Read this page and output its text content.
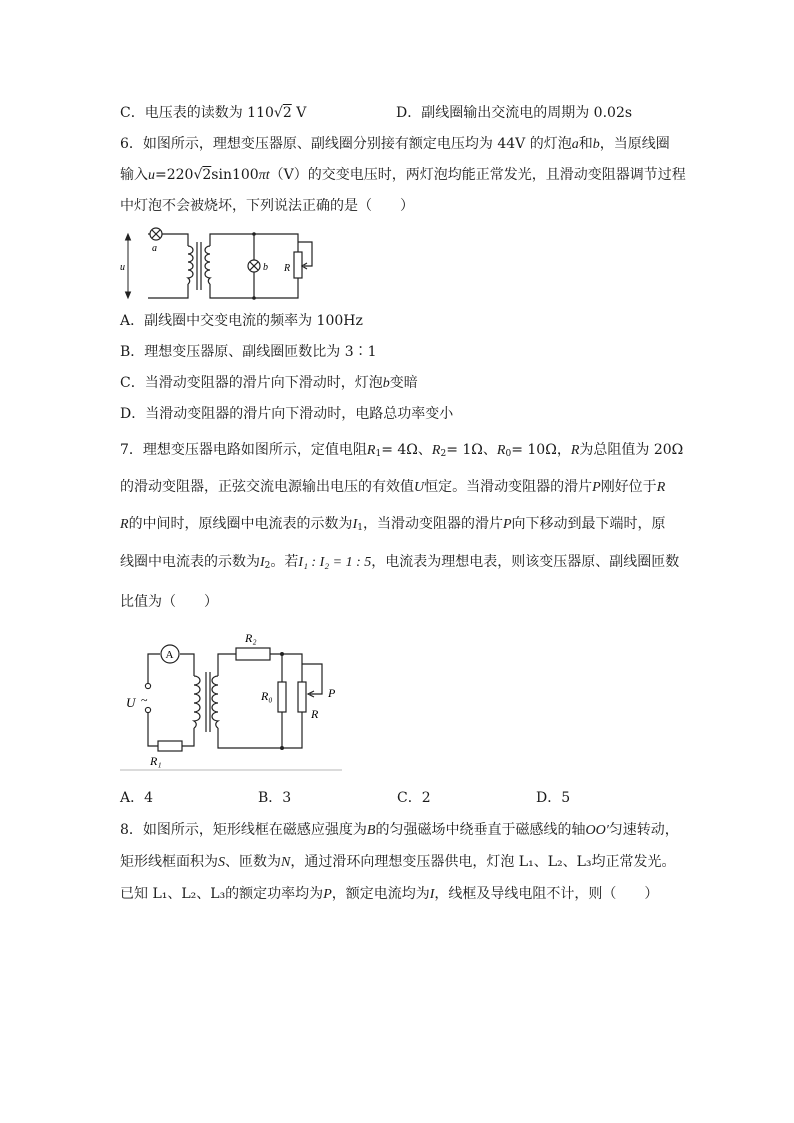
C．电压表的读数为 110√2 V	D．副线圈输出交流电的周期为 0.02s
6．如图所示，理想变压器原、副线圈分别接有额定电压均为 44V 的灯泡a和b，当原线圈
输入u=220√2sin100πt（V）的交变电压时，两灯泡均能正常发光，且滑动变阻器调节过程
中灯泡不会被烧坏，下列说法正确的是（　　）
a
b
u	R
A．副线圈中交变电流的频率为 100Hz
B．理想变压器原、副线圈匝数比为 3∶1
C．当滑动变阻器的滑片向下滑动时，灯泡b变暗
D．当滑动变阻器的滑片向下滑动时，电路总功率变小
7．理想变压器电路如图所示，定值电阻$R_1= 4\Omega$、$R_2= 1\Omega$、$R_0= 10\Omega$，R为总阻值为 20Ω
的滑动变阻器，正弦交流电源输出电压的有效值U恒定。当滑动变阻器的滑片P刚好位于R
R的中间时，原线圈中电流表的示数为$I_1$，当滑动变阻器的滑片P向下移动到最下端时，原
线圈中电流表的示数为$I_2$。若I₁ : I₂ = 1 : 5，电流表为理想电表，则该变压器原、副线圈匝数
比值为（　　）
A
U ~
R₁
R₂
R₀
R
P
A．4	B．3	C．2	D．5
8．如图所示，矩形线框在磁感应强度为B的匀强磁场中绕垂直于磁感线的轴OO′匀速转动，
矩形线框面积为S、匝数为N，通过滑环向理想变压器供电，灯泡 L₁、L₂、L₃均正常发光。
已知 L₁、L₂、L₃的额定功率均为P，额定电流均为I，线框及导线电阻不计，则（　　）
